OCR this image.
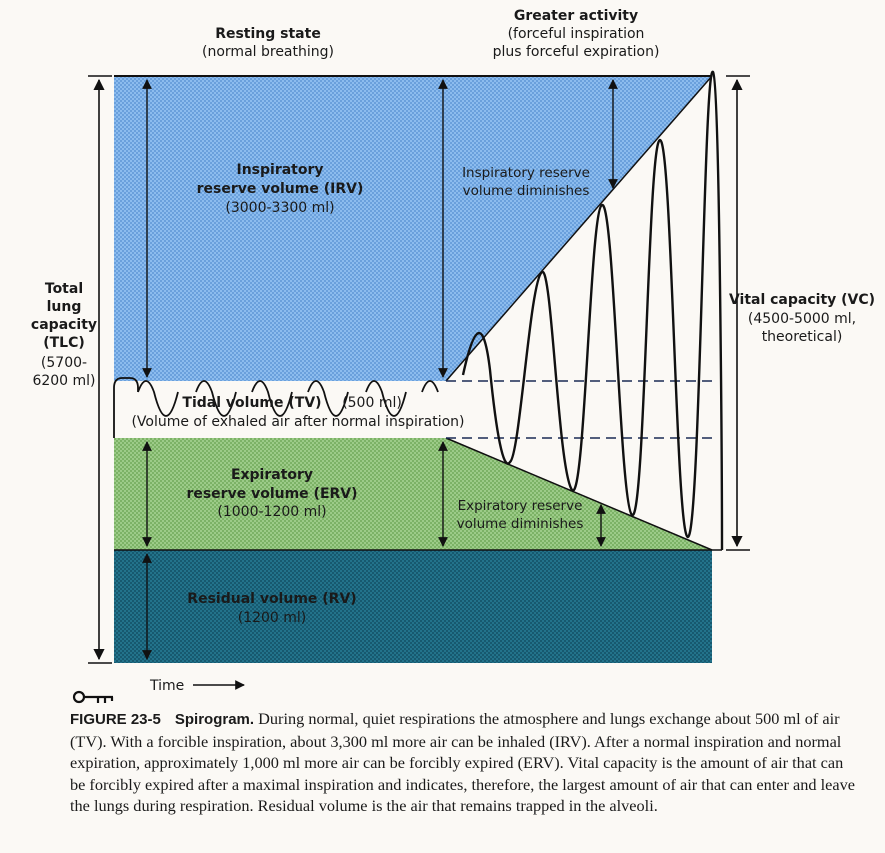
Resting state
(normal breathing)
Greater activity
(forceful inspiration
plus forceful expiration)
Inspiratory
reserve volume (IRV)
(3000-3300 ml)
Inspiratory reserve
volume diminishes
Total
lung
capacity
(TLC)
(5700-
6200 ml)
Vital capacity (VC)
(4500-5000 ml,
theoretical)
Tidal volume (TV) (500 ml)
(Volume of exhaled air after normal inspiration)
Expiratory
reserve volume (ERV)
(1000-1200 ml)	Expiratory reserve
volume diminishes
Residual volume (RV)
(1200 ml)
Time
FIGURE 23-5 Spirogram. During normal, quiet respirations the atmosphere and lungs exchange about 500 ml of air (TV). With a forcible inspiration, about 3,300 ml more air can be inhaled (IRV). After a normal inspiration and normal expiration, approximately 1,000 ml more air can be forcibly expired (ERV). Vital capacity is the amount of air that can be forcibly expired after a maximal inspiration and indicates, therefore, the largest amount of air that can enter and leave the lungs during respiration. Residual volume is the air that remains trapped in the alveoli.
